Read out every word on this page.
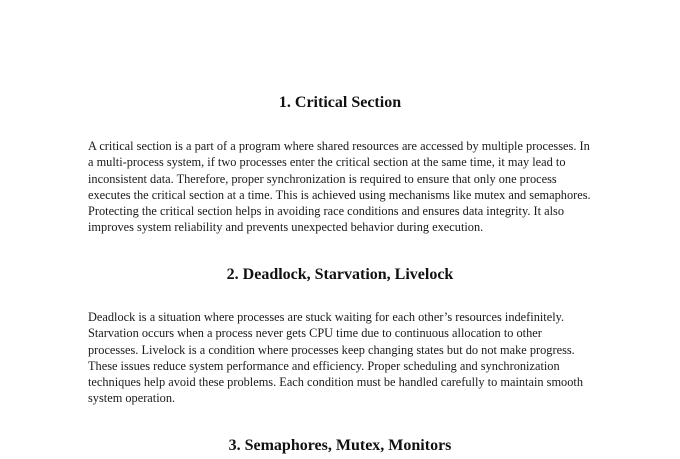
1. Critical Section

A critical section is a part of a program where shared resources are accessed by multiple processes. In a multi-process system, if two processes enter the critical section at the same time, it may lead to inconsistent data. Therefore, proper synchronization is required to ensure that only one process executes the critical section at a time. This is achieved using mechanisms like mutex and semaphores. Protecting the critical section helps in avoiding race conditions and ensures data integrity. It also improves system reliability and prevents unexpected behavior during execution.

2. Deadlock, Starvation, Livelock

Deadlock is a situation where processes are stuck waiting for each other’s resources indefinitely. Starvation occurs when a process never gets CPU time due to continuous allocation to other processes. Livelock is a condition where processes keep changing states but do not make progress. These issues reduce system performance and efficiency. Proper scheduling and synchronization techniques help avoid these problems. Each condition must be handled carefully to maintain smooth system operation.

3. Semaphores, Mutex, Monitors
